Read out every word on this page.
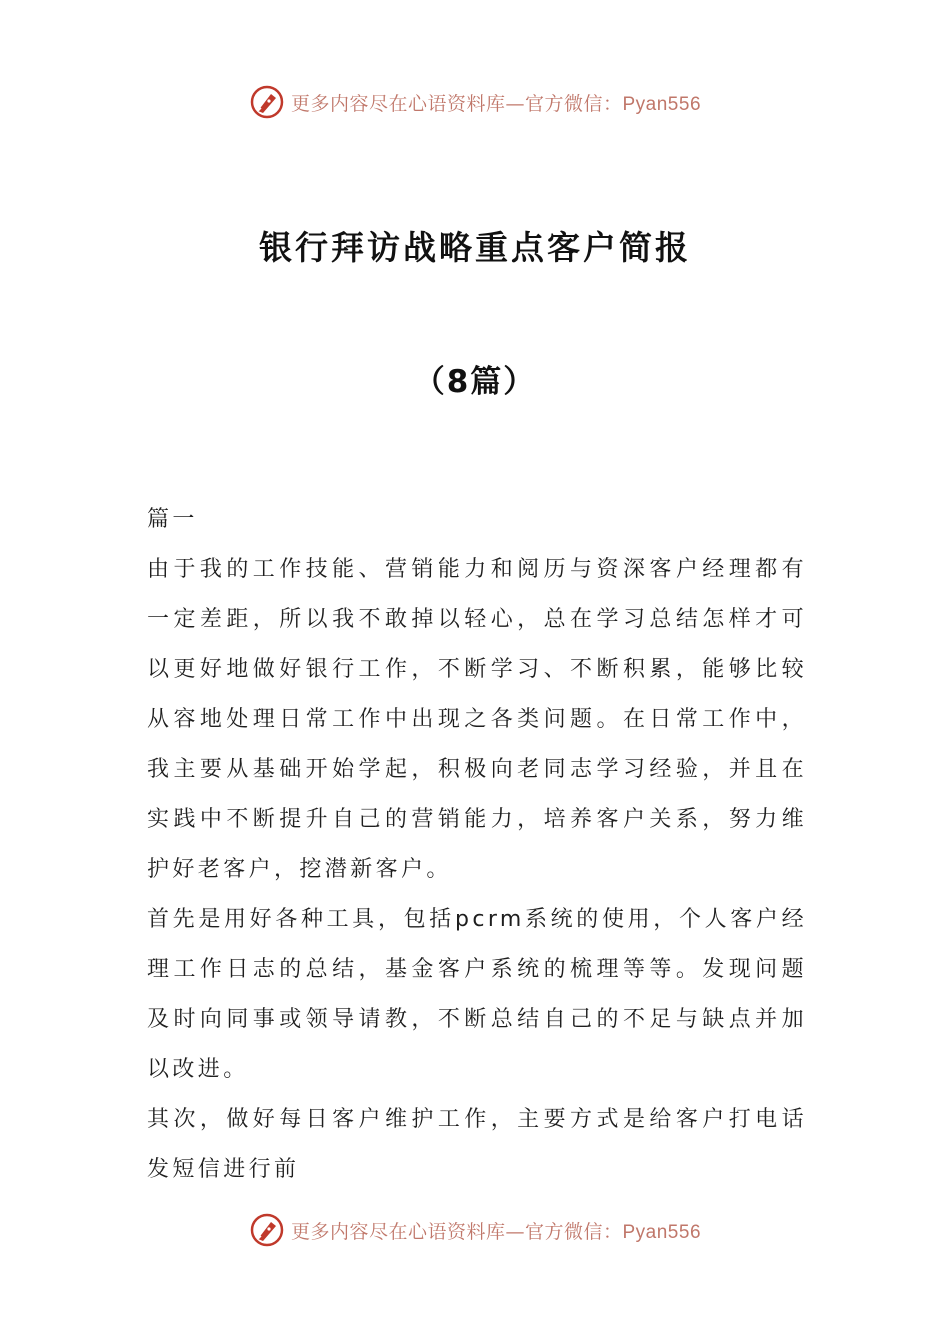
更多内容尽在心语资料库—官方微信：Pyan556
银行拜访战略重点客户简报
（8篇）

篇一

由于我的工作技能、营销能力和阅历与资深客户经理都有一定差距，所以我不敢掉以轻心，总在学习总结怎样才可以更好地做好银行工作，不断学习、不断积累，能够比较从容地处理日常工作中出现之各类问题。在日常工作中，我主要从基础开始学起，积极向老同志学习经验，并且在实践中不断提升自己的营销能力，培养客户关系，努力维护好老客户，挖潜新客户。

首先是用好各种工具，包括pcrm系统的使用，个人客户经理工作日志的总结，基金客户系统的梳理等等。发现问题及时向同事或领导请教，不断总结自己的不足与缺点并加以改进。

其次，做好每日客户维护工作，主要方式是给客户打电话发短信进行前

更多内容尽在心语资料库—官方微信：Pyan556
